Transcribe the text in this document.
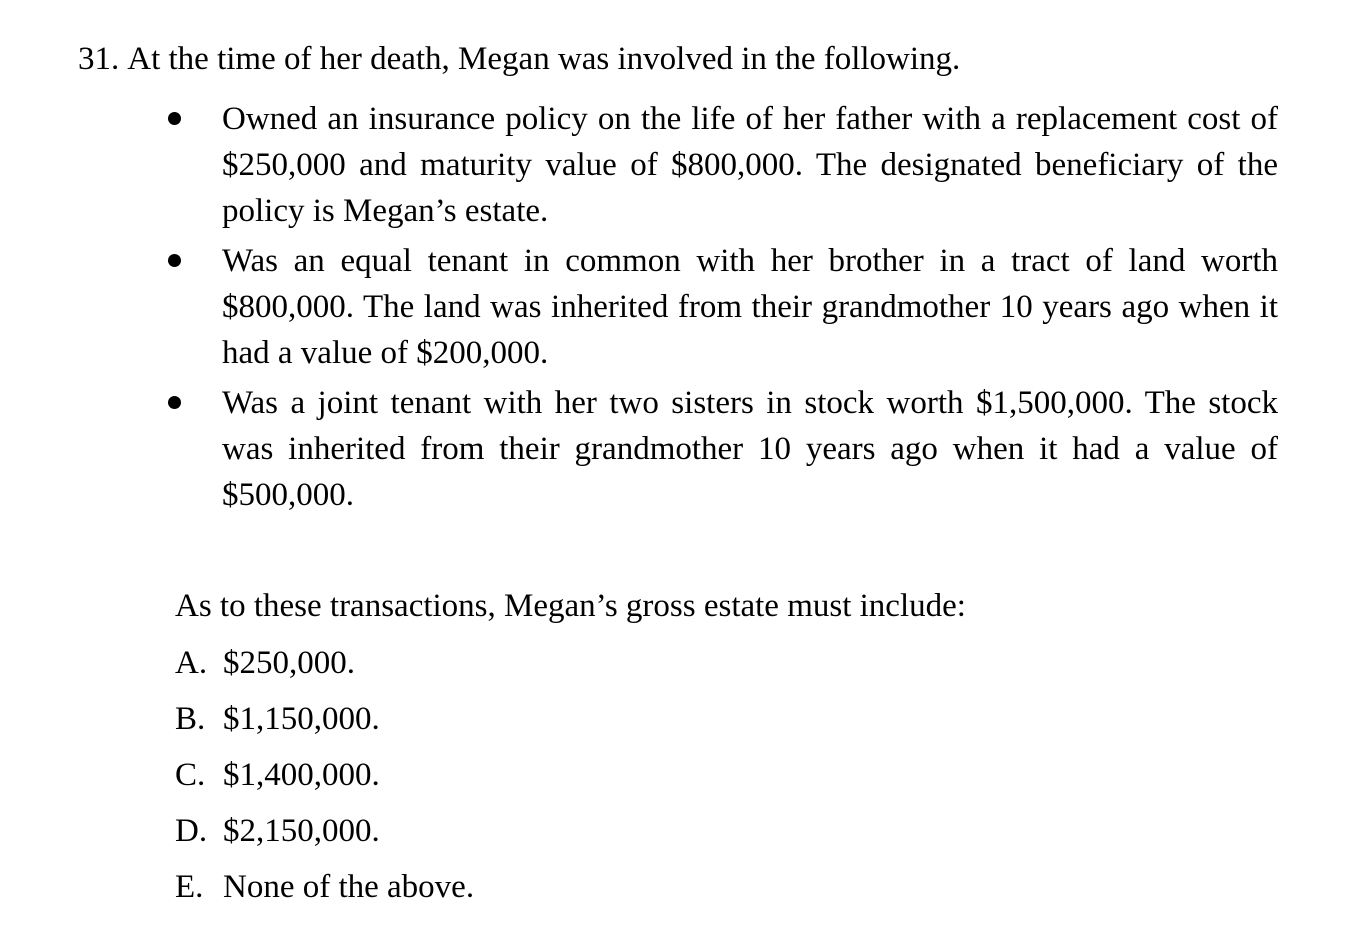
31. At the time of her death, Megan was involved in the following.
Owned an insurance policy on the life of her father with a replacement cost of $250,000 and maturity value of $800,000. The designated beneficiary of the policy is Megan’s estate.
Was an equal tenant in common with her brother in a tract of land worth $800,000. The land was inherited from their grandmother 10 years ago when it had a value of $200,000.
Was a joint tenant with her two sisters in stock worth $1,500,000. The stock was inherited from their grandmother 10 years ago when it had a value of $500,000.
As to these transactions, Megan’s gross estate must include:
A. $250,000.
B. $1,150,000.
C. $1,400,000.
D. $2,150,000.
E. None of the above.
